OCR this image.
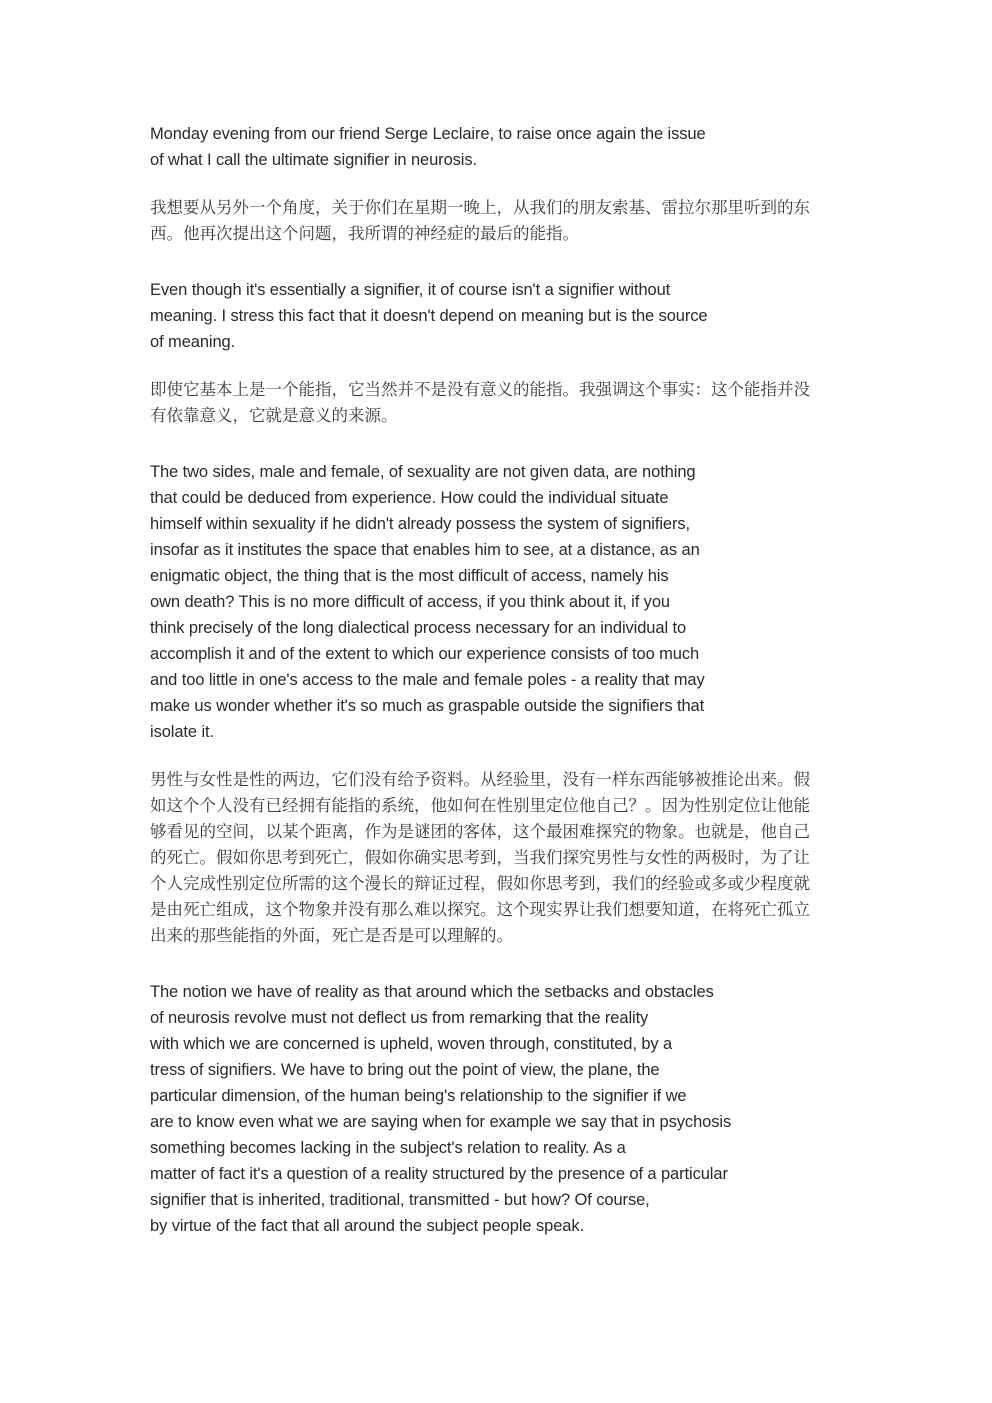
Monday evening from our friend Serge Leclaire, to raise once again the issue
of what I call the ultimate signifier in neurosis.

我想要从另外一个角度，关于你们在星期一晚上，从我们的朋友索基、雷拉尔那里听到的东
西。他再次提出这个问题，我所谓的神经症的最后的能指。

Even though it's essentially a signifier, it of course isn't a signifier without
meaning. I stress this fact that it doesn't depend on meaning but is the source
of meaning.

即使它基本上是一个能指，它当然并不是没有意义的能指。我强调这个事实：这个能指并没
有依靠意义，它就是意义的来源。

The two sides, male and female, of sexuality are not given data, are nothing
that could be deduced from experience. How could the individual situate
himself within sexuality if he didn't already possess the system of signifiers,
insofar as it institutes the space that enables him to see, at a distance, as an
enigmatic object, the thing that is the most difficult of access, namely his
own death? This is no more difficult of access, if you think about it, if you
think precisely of the long dialectical process necessary for an individual to
accomplish it and of the extent to which our experience consists of too much
and too little in one's access to the male and female poles - a reality that may
make us wonder whether it's so much as graspable outside the signifiers that
isolate it.

男性与女性是性的两边，它们没有给予资料。从经验里，没有一样东西能够被推论出来。假
如这个个人没有已经拥有能指的系统，他如何在性别里定位他自己？。因为性别定位让他能
够看见的空间，以某个距离，作为是谜团的客体，这个最困难探究的物象。也就是，他自己
的死亡。假如你思考到死亡，假如你确实思考到，当我们探究男性与女性的两极时，为了让
个人完成性别定位所需的这个漫长的辩证过程，假如你思考到，我们的经验或多或少程度就
是由死亡组成，这个物象并没有那么难以探究。这个现实界让我们想要知道，在将死亡孤立
出来的那些能指的外面，死亡是否是可以理解的。

The notion we have of reality as that around which the setbacks and obstacles
of neurosis revolve must not deflect us from remarking that the reality
with which we are concerned is upheld, woven through, constituted, by a
tress of signifiers. We have to bring out the point of view, the plane, the
particular dimension, of the human being's relationship to the signifier if we
are to know even what we are saying when for example we say that in psychosis
something becomes lacking in the subject's relation to reality. As a
matter of fact it's a question of a reality structured by the presence of a particular
signifier that is inherited, traditional, transmitted - but how? Of course,
by virtue of the fact that all around the subject people speak.
